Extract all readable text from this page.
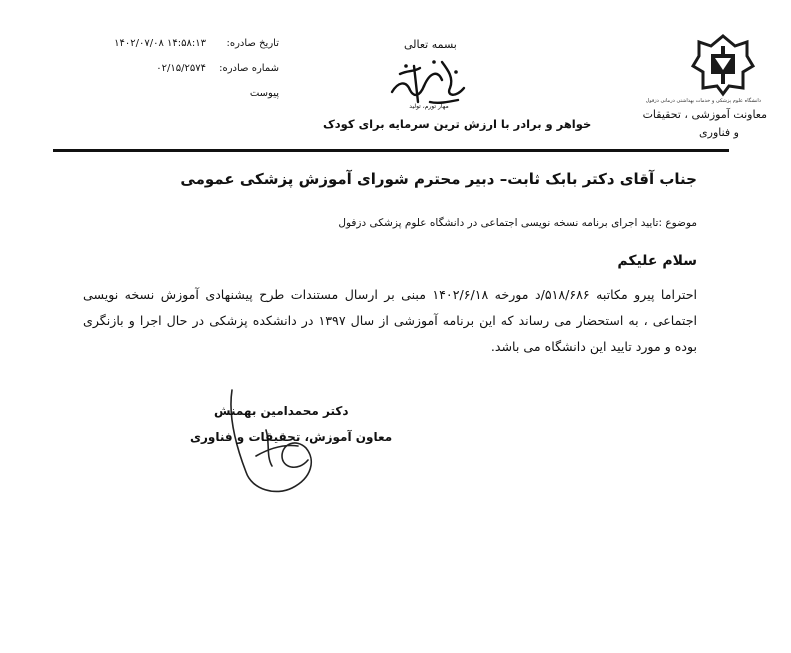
دانشگاه علوم پزشکی و خدمات بهداشتی درمانی دزفول
معاونت آموزشی ، تحقیقات
و فناوری
بسمه تعالی
مهار تورم، تولید
خواهر و برادر با ارزش ترین سرمایه برای کودک
تاریخ صادره:
۱۴:۵۸:۱۳ ۱۴۰۲/۰۷/۰۸
شماره صادره:
۰۲/۱۵/۲۵۷۴
پیوست
جناب آقای دکتر بابک ثابت– دبیر محترم شورای آموزش پزشکی عمومی
موضوع :تایید اجرای برنامه نسخه نویسی اجتماعی در دانشگاه علوم پزشکی دزفول
سلام علیکم
احتراما پیرو مکاتبه ۵۱۸/۶۸۶/د مورخه ۱۴۰۲/۶/۱۸ مبنی بر ارسال مستندات طرح پیشنهادی آموزش نسخه نویسی اجتماعی ، به استحضار می رساند که این برنامه آموزشی از سال ۱۳۹۷ در دانشکده پزشکی در حال اجرا و بازنگری بوده و مورد تایید این دانشگاه می باشد.
دکتر محمدامین بهمنش
معاون آموزش، تحقیقات و فناوری
